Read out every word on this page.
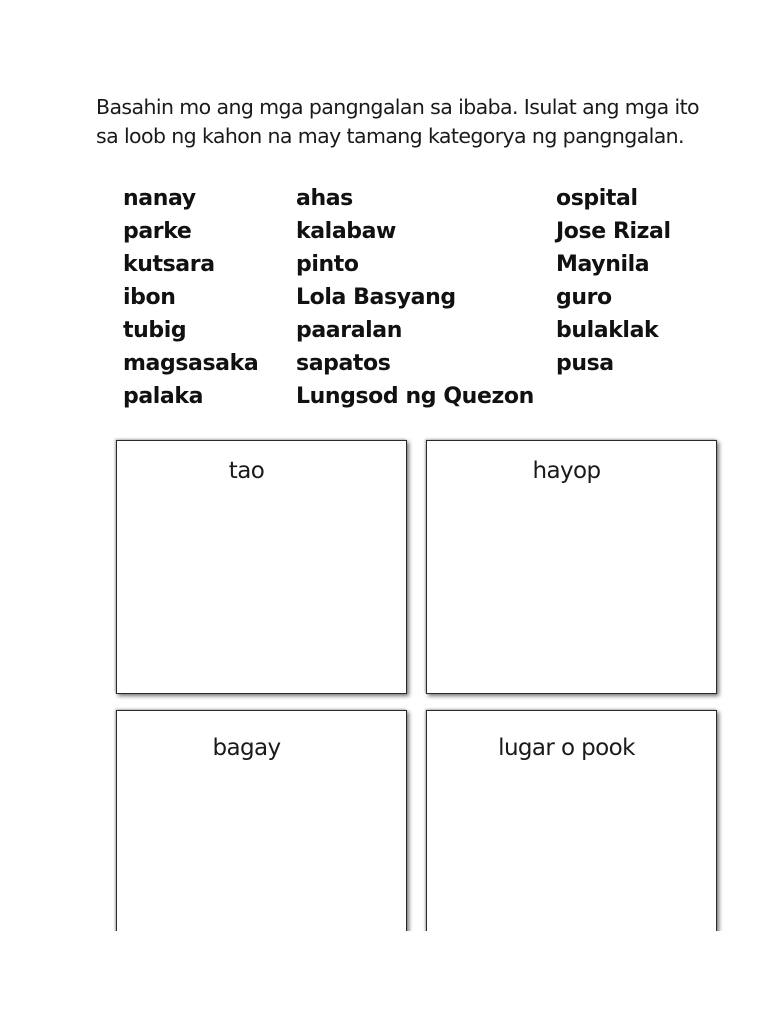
Basahin mo ang mga pangngalan sa ibaba. Isulat ang mga ito
sa loob ng kahon na may tamang kategorya ng pangngalan.
nanay
parke
kutsara
ibon
tubig
magsasaka
palaka
ahas
kalabaw
pinto
Lola Basyang
paaralan
sapatos
Lungsod ng Quezon
ospital
Jose Rizal
Maynila
guro
bulaklak
pusa
tao	hayop
bagay	lugar o pook
